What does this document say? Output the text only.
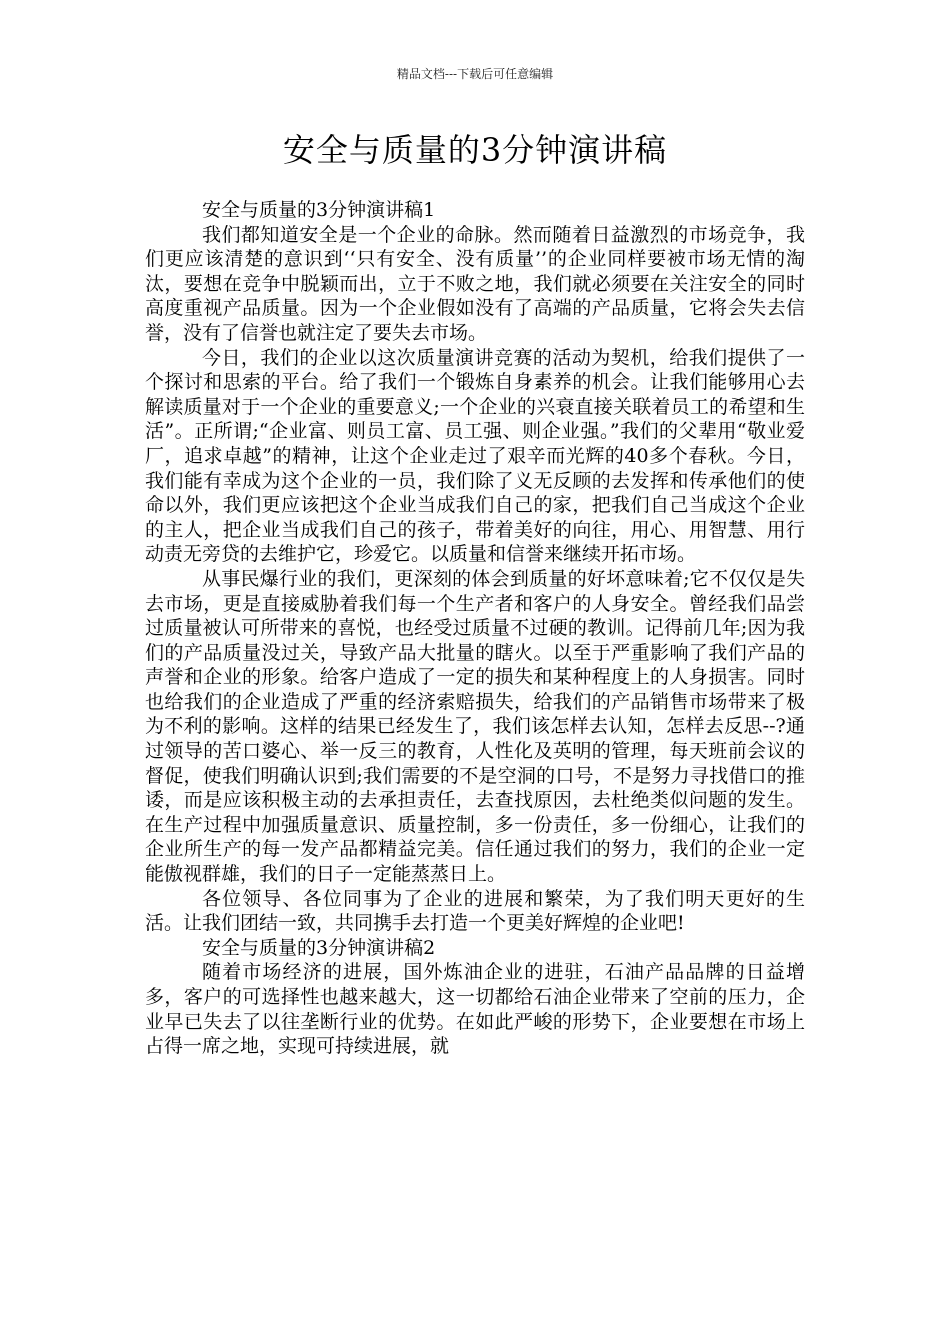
精品文档---下载后可任意编辑
安全与质量的3分钟演讲稿

安全与质量的3分钟演讲稿1

我们都知道安全是一个企业的命脉。然而随着日益激烈的市场竞争，我们更应该清楚的意识到‘‘只有安全、没有质量’’的企业同样要被市场无情的淘汰，要想在竞争中脱颖而出，立于不败之地，我们就必须要在关注安全的同时高度重视产品质量。因为一个企业假如没有了高端的产品质量，它将会失去信誉，没有了信誉也就注定了要失去市场。

今日，我们的企业以这次质量演讲竞赛的活动为契机，给我们提供了一个探讨和思索的平台。给了我们一个锻炼自身素养的机会。让我们能够用心去解读质量对于一个企业的重要意义;一个企业的兴衰直接关联着员工的希望和生活”。正所谓;“企业富、则员工富、员工强、则企业强。”我们的父辈用“敬业爱厂，追求卓越”的精神，让这个企业走过了艰辛而光辉的40多个春秋。今日，我们能有幸成为这个企业的一员，我们除了义无反顾的去发挥和传承他们的使命以外，我们更应该把这个企业当成我们自己的家，把我们自己当成这个企业的主人，把企业当成我们自己的孩子，带着美好的向往，用心、用智慧、用行动责无旁贷的去维护它，珍爱它。以质量和信誉来继续开拓市场。

从事民爆行业的我们，更深刻的体会到质量的好坏意味着;它不仅仅是失去市场，更是直接威胁着我们每一个生产者和客户的人身安全。曾经我们品尝过质量被认可所带来的喜悦，也经受过质量不过硬的教训。记得前几年;因为我们的产品质量没过关，导致产品大批量的瞎火。以至于严重影响了我们产品的声誉和企业的形象。给客户造成了一定的损失和某种程度上的人身损害。同时也给我们的企业造成了严重的经济索赔损失，给我们的产品销售市场带来了极为不利的影响。这样的结果已经发生了，我们该怎样去认知，怎样去反思--?通过领导的苦口婆心、举一反三的教育，人性化及英明的管理，每天班前会议的督促，使我们明确认识到;我们需要的不是空洞的口号，不是努力寻找借口的推诿，而是应该积极主动的去承担责任，去查找原因，去杜绝类似问题的发生。在生产过程中加强质量意识、质量控制，多一份责任，多一份细心，让我们的企业所生产的每一发产品都精益完美。信任通过我们的努力，我们的企业一定能傲视群雄，我们的日子一定能蒸蒸日上。

各位领导、各位同事为了企业的进展和繁荣，为了我们明天更好的生活。让我们团结一致，共同携手去打造一个更美好辉煌的企业吧!

安全与质量的3分钟演讲稿2

随着市场经济的进展，国外炼油企业的进驻，石油产品品牌的日益增多，客户的可选择性也越来越大，这一切都给石油企业带来了空前的压力，企业早已失去了以往垄断行业的优势。在如此严峻的形势下，企业要想在市场上占得一席之地，实现可持续进展，就
